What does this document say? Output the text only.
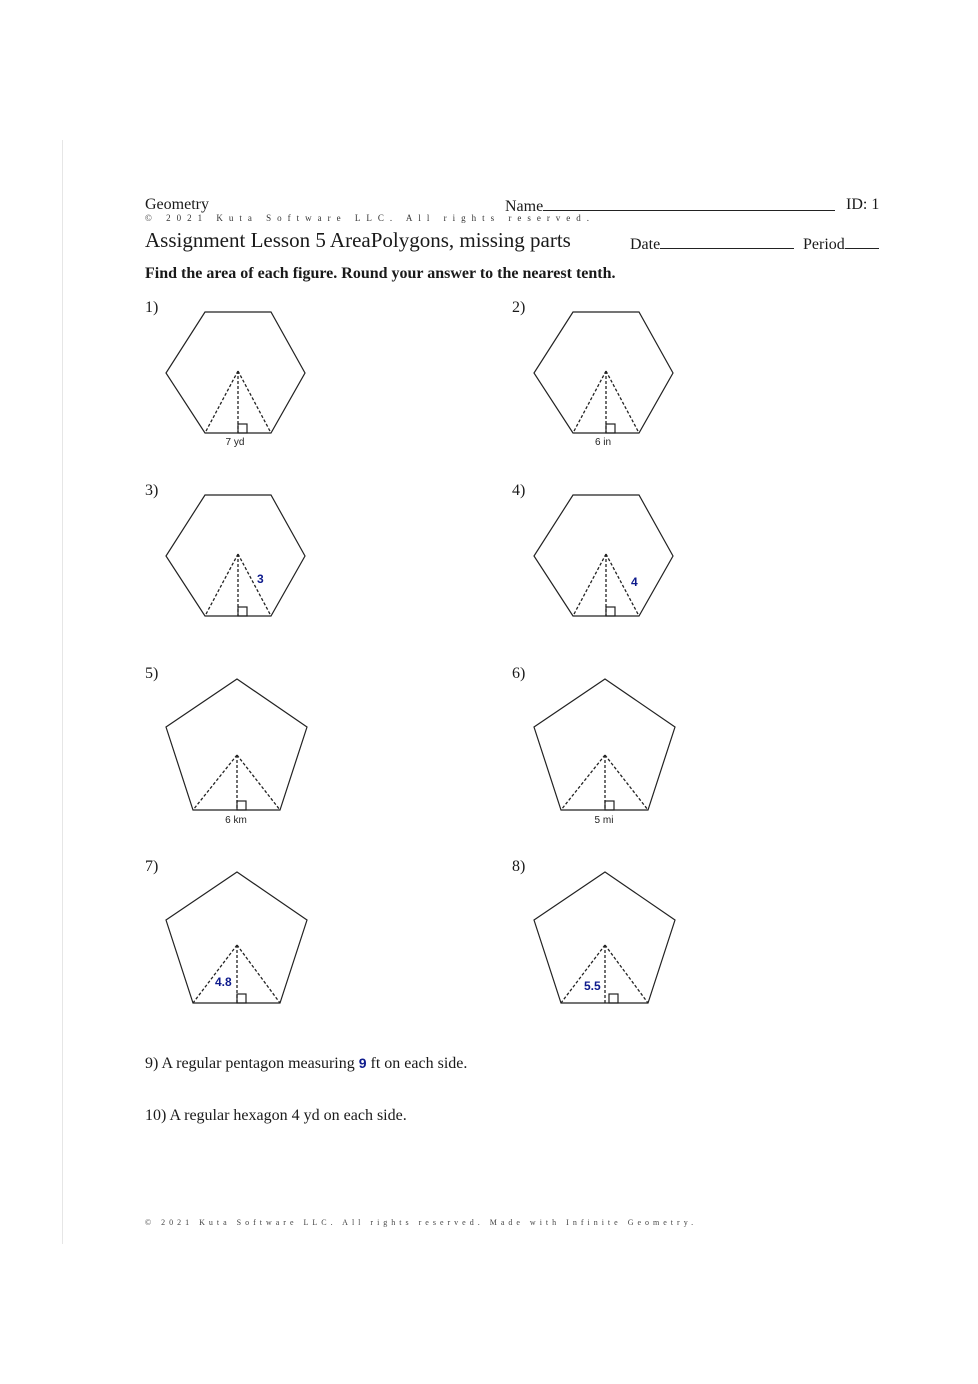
Geometry
© 2021 Kuta Software LLC. All rights reserved.
Name	ID: 1
Assignment Lesson 5 AreaPolygons, missing parts	Date	Period
Find the area of each figure. Round your answer to the nearest tenth.
1)	2)
3)	4)
5)	6)
7)	8)
7 yd	6 in
3	4
6 km	5 mi
4.8	5.5
9) A regular pentagon measuring 9 ft on each side.
10) A regular hexagon 4 yd on each side.
© 2021 Kuta Software LLC. All rights reserved. Made with Infinite Geometry.
